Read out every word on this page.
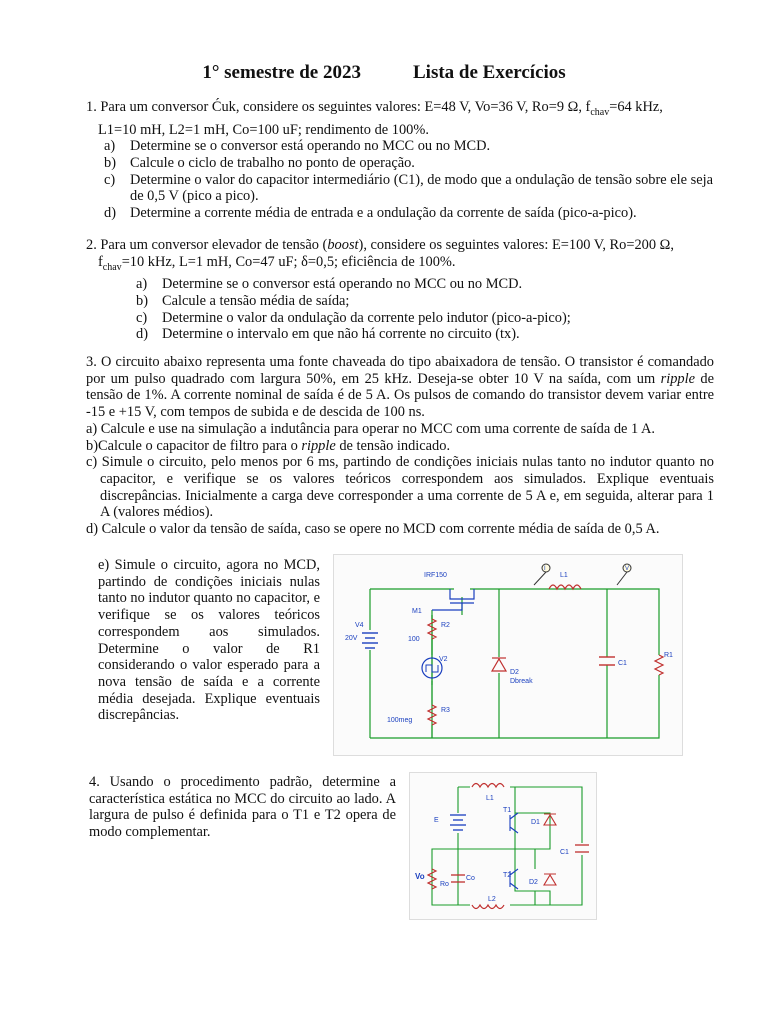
1° semestre de 2023	Lista de Exercícios

1. Para um conversor Ćuk, considere os seguintes valores: E=48 V, Vo=36 V, Ro=9 Ω, $f_{chav}=64$ kHz,

L1=10 mH, L2=1 mH, Co=100 uF; rendimento de 100%.

a)	Determine se o conversor está operando no MCC ou no MCD.
b) Calcule o ciclo de trabalho no ponto de operação.
c)	Determine o valor do capacitor intermediário (C1), de modo que a ondulação de tensão sobre ele seja de 0,5 V (pico a pico).
d) Determine a corrente média de entrada e a ondulação da corrente de saída (pico-a-pico).

2. Para um conversor elevador de tensão (boost), considere os seguintes valores: E=100 V, Ro=200 Ω,

$f_{chav}=10$ kHz, L=1 mH, Co=47 uF; δ=0,5; eficiência de 100%.

a)	Determine se o conversor está operando no MCC ou no MCD.
b) Calcule a tensão média de saída;
c)	Determine o valor da ondulação da corrente pelo indutor (pico-a-pico);
d) Determine o intervalo em que não há corrente no circuito (tx).

3. O circuito abaixo representa uma fonte chaveada do tipo abaixadora de tensão. O transistor é comandado por um pulso quadrado com largura 50%, em 25 kHz. Deseja-se obter 10 V na saída, com um ripple de tensão de 1%. A corrente nominal de saída é de 5 A. Os pulsos de comando do transistor devem variar entre -15 e +15 V, com tempos de subida e de descida de 100 ns.

a) Calcule e use na simulação a indutância para operar no MCC com uma corrente de saída de 1 A.

b)Calcule o capacitor de filtro para o ripple de tensão indicado.

c) Simule o circuito, pelo menos por 6 ms, partindo de condições iniciais nulas tanto no indutor quanto no capacitor, e verifique se os valores teóricos correspondem aos simulados. Explique eventuais discrepâncias. Inicialmente a carga deve corresponder a uma corrente de 5 A e, em seguida, alterar para 1 A (valores médios).

d) Calcule o valor da tensão de saída, caso se opere no MCD com corrente média de saída de 0,5 A.

e) Simule o circuito, agora no MCD, partindo de condições iniciais nulas tanto no indutor quanto no capacitor, e verifique se os valores teóricos correspondem aos simulados. Determine o valor de R1 considerando o valor esperado para a nova tensão de saída e a corrente média desejada. Explique eventuais discrepâncias.
IRF150
M1
R2
100
V2
R3
100meg
V4
20V
D2
Dbreak
L1
C1
R1
I	V
4. Usando o procedimento padrão, determine a característica estática no MCC do circuito ao lado. A largura de pulso é definida para o T1 e T2 opera de modo complementar.
L1
L2
T1
T2
D1
D2
C1
Co
Ro
E
Vo
